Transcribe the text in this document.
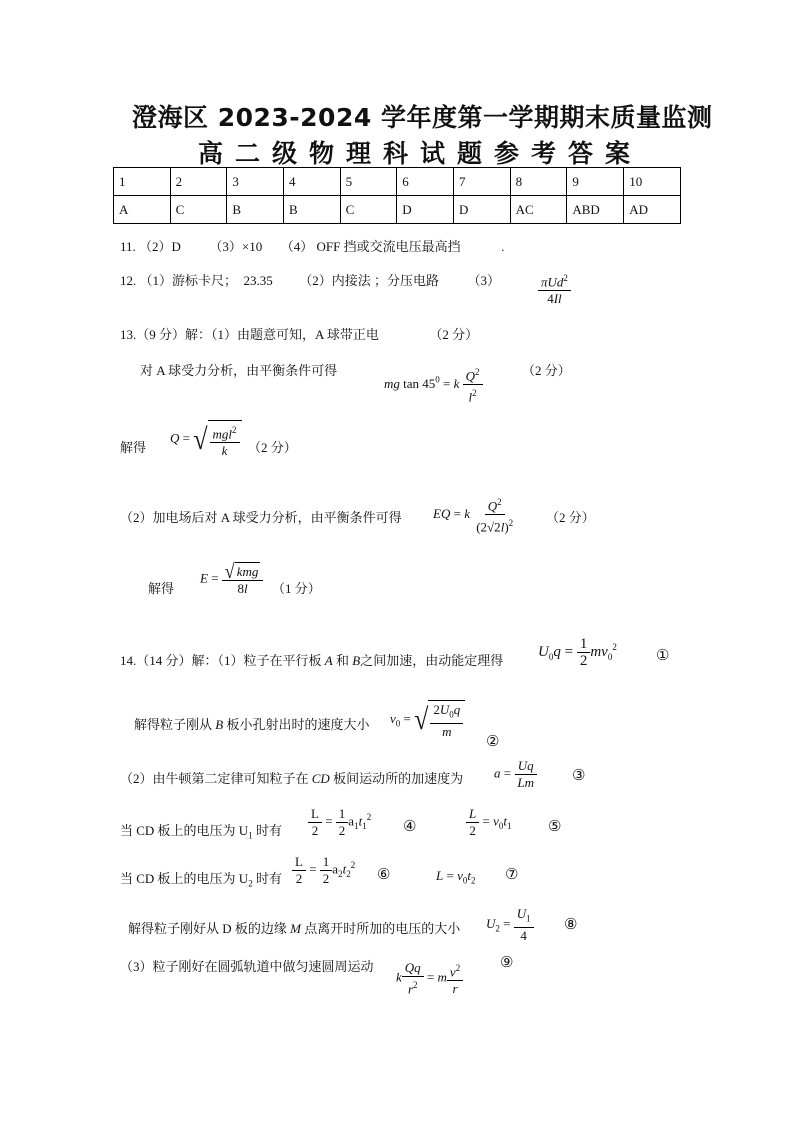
澄海区 2023-2024 学年度第一学期期末质量监测
高二级物理科试题参考答案
1	2	3	4	5	6	7	8	9	10
A	C	B	B	C	D	D	AC	ABD	AD
11. （2）D （3）×10 （4） OFF 挡或交流电压最高挡	.
12. （1）游标卡尺；　23.35 （2）内接法 ；分压电路 （3）	$\frac{\pi Ud^2}{4Il}$
13.（9 分）解：（1）由题意可知，A 球带正电	（2 分）
对 A 球受力分析，由平衡条件可得
mg $\tan 45^0 = k \frac{Q^2}{l^2}$	（2 分）
解得
Q = √ $\frac{mgl^2}{k} (2$ 分）
（2）加电场后对 A 球受力分析，由平衡条件可得 EQ = k $\frac{Q^2}{(2√2l)^2} (2$ 分）
解得
$E = \frac{\text{√ kmg}}{8l} (1$ 分）
14.（14 分）解：（1）粒子在平行板 A 和 B之间加速，由动能定理得
$U_0q = \frac{1}{2} mv_0^2$
①
解得粒子刚从 B 板小孔射出时的速度大小 $v_0$ = √ $\frac{2U_0q}{m}$
②
（2）由牛顿第二定律可知粒子在 CD 板间运动所的加速度为 $a = \frac{Uq}{Lm}$ ③
当 CD 板上的电压为 $U_1$ 时有 $\frac{L}{2} = \frac{1}{2} a_1t_1^2$
④	$\frac{L}{2} = v_0t_1$ ⑤
当 CD 板上的电压为 $U_2$ 时有 $\frac{L}{2} = \frac{1}{2} a_2t_2^2$
⑥	$L = v_0t_2$ ⑦
解得粒子刚好从 D 板的边缘 M 点离开时所加的电压的大小 $U_2 = \frac{U_1}{4}$ ⑧
（3）粒子刚好在圆弧轨道中做匀速圆周运动
k $\frac{Qq}{r^2} = m \frac{v^2}{r}$ ⑨
